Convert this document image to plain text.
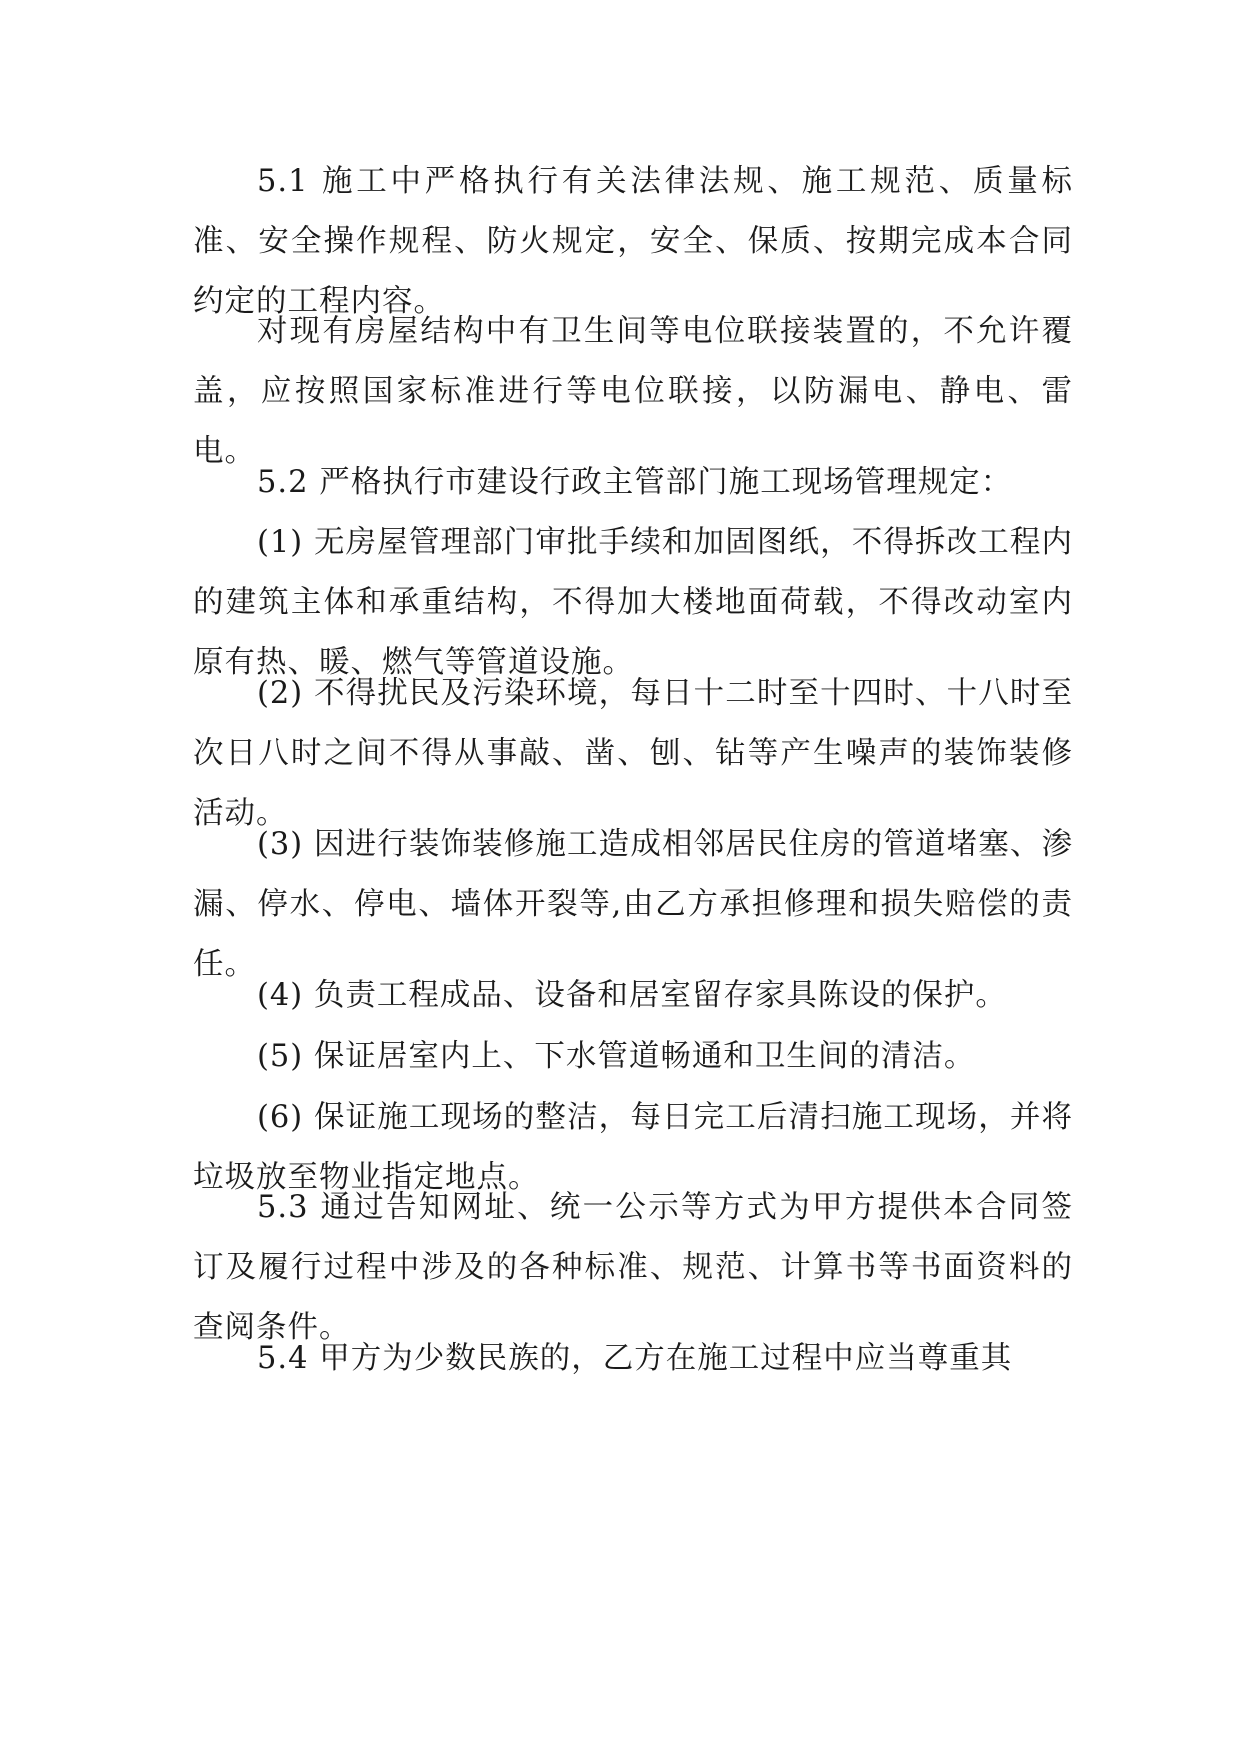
5.1 施工中严格执行有关法律法规、施工规范、质量标准、安全操作规程、防火规定，安全、保质、按期完成本合同约定的工程内容。

对现有房屋结构中有卫生间等电位联接装置的，不允许覆盖，应按照国家标准进行等电位联接，以防漏电、静电、雷电。

5.2 严格执行市建设行政主管部门施工现场管理规定：

(1) 无房屋管理部门审批手续和加固图纸，不得拆改工程内的建筑主体和承重结构，不得加大楼地面荷载，不得改动室内原有热、暖、燃气等管道设施。

(2) 不得扰民及污染环境，每日十二时至十四时、十八时至次日八时之间不得从事敲、凿、刨、钻等产生噪声的装饰装修活动。

(3) 因进行装饰装修施工造成相邻居民住房的管道堵塞、渗漏、停水、停电、墙体开裂等,由乙方承担修理和损失赔偿的责任。

(4) 负责工程成品、设备和居室留存家具陈设的保护。

(5) 保证居室内上、下水管道畅通和卫生间的清洁。

(6) 保证施工现场的整洁，每日完工后清扫施工现场，并将垃圾放至物业指定地点。

5.3 通过告知网址、统一公示等方式为甲方提供本合同签订及履行过程中涉及的各种标准、规范、计算书等书面资料的查阅条件。

5.4 甲方为少数民族的，乙方在施工过程中应当尊重其
